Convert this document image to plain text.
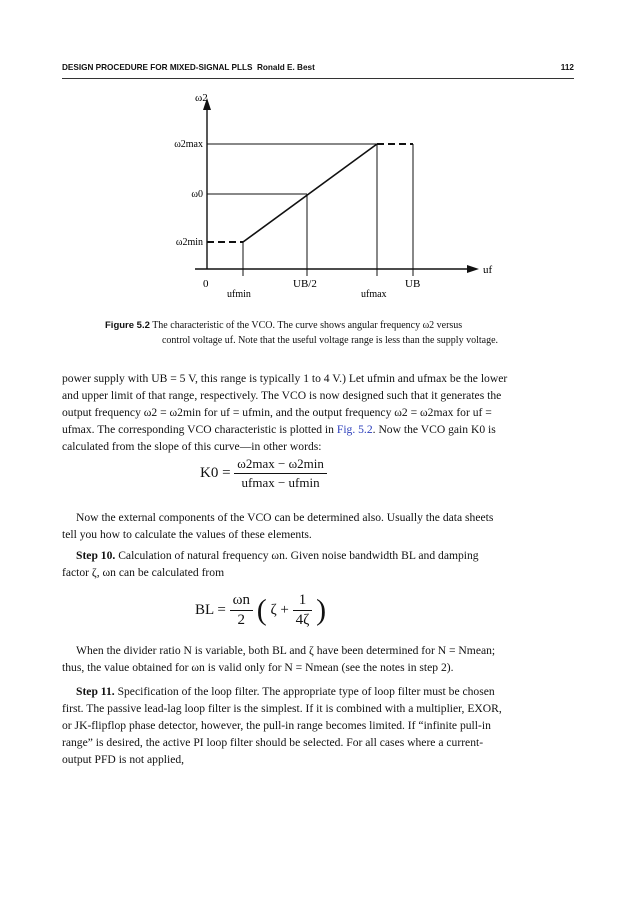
DESIGN PROCEDURE FOR MIXED-SIGNAL PLLS Ronald E. Best	112
ω2
ω2max
ω0
ω2min
uf
0
ufmin
UB/2
ufmax
UB
Figure 5.2 The characteristic of the VCO. The curve shows angular frequency ω2 versus
control voltage uf. Note that the useful voltage range is less than the supply voltage.
power supply with UB = 5 V, this range is typically 1 to 4 V.) Let ufmin and ufmax be the lower
and upper limit of that range, respectively. The VCO is now designed such that it generates the
output frequency ω2 = ω2min for uf = ufmin, and the output frequency ω2 = ω2max for uf =
ufmax. The corresponding VCO characteristic is plotted in Fig. 5.2. Now the VCO gain K0 is
calculated from the slope of this curve—in other words:
$K0 = \frac{\omega 2\max - \omega 2\min}{ufmax - ufmin}$
Now the external components of the VCO can be determined also. Usually the data sheets
tell you how to calculate the values of these elements.
Step 10. Calculation of natural frequency ωn. Given noise bandwidth BL and damping
factor ζ, ωn can be calculated from
BL = $\frac{\omega n}{2}$ ( $\zeta + \frac{1}{4\zeta}$ )
When the divider ratio N is variable, both BL and ζ have been determined for N = Nmean;
thus, the value obtained for ωn is valid only for N = Nmean (see the notes in step 2).
Step 11. Specification of the loop filter. The appropriate type of loop filter must be chosen
first. The passive lead-lag loop filter is the simplest. If it is combined with a multiplier, EXOR,
or JK-flipflop phase detector, however, the pull-in range becomes limited. If “infinite pull-in
range” is desired, the active PI loop filter should be selected. For all cases where a current-
output PFD is not applied,
